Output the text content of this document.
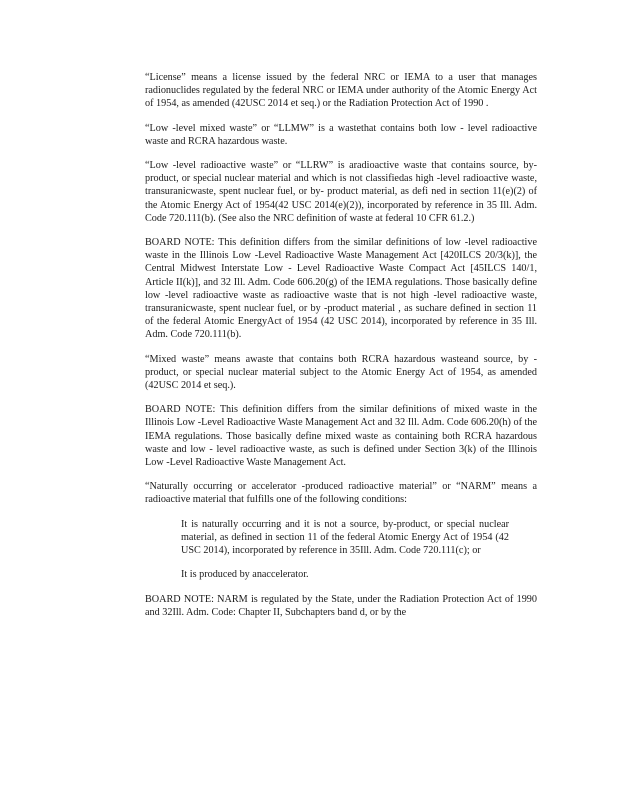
“License” means a license issued by the federal NRC or IEMA to a user that manages radionuclides regulated by the federal NRC or IEMA under authority of the Atomic Energy Act of 1954, as amended (42USC 2014 et seq.) or the Radiation Protection Act of 1990 .

“Low -level mixed waste” or “LLMW” is a wastethat contains both low - level radioactive waste and RCRA hazardous waste.

“Low -level radioactive waste” or “LLRW” is aradioactive waste that contains source, by-product, or special nuclear material and which is not classifiedas high -level radioactive waste, transuranicwaste, spent nuclear fuel, or by- product material, as defi ned in section 11(e)(2) of the Atomic Energy Act of 1954(42 USC 2014(e)(2)), incorporated by reference in 35 Ill. Adm. Code 720.111(b). (See also the NRC definition of waste at federal 10 CFR 61.2.)

BOARD NOTE: This definition differs from the similar definitions of low -level radioactive waste in the Illinois Low -Level Radioactive Waste Management Act [420ILCS 20/3(k)], the Central Midwest Interstate Low - Level Radioactive Waste Compact Act [45ILCS 140/1, Article II(k)], and 32 Ill. Adm. Code 606.20(g) of the IEMA regulations. Those basically define low -level radioactive waste as radioactive waste that is not high -level radioactive waste, transuranicwaste, spent nuclear fuel, or by -product material , as suchare defined in section 11 of the federal Atomic EnergyAct of 1954 (42 USC 2014), incorporated by reference in 35 Ill. Adm. Code 720.111(b).

“Mixed waste” means awaste that contains both RCRA hazardous wasteand source, by -product, or special nuclear material subject to the Atomic Energy Act of 1954, as amended (42USC 2014 et seq.).

BOARD NOTE: This definition differs from the similar definitions of mixed waste in the Illinois Low -Level Radioactive Waste Management Act and 32 Ill. Adm. Code 606.20(h) of the IEMA regulations. Those basically define mixed waste as containing both RCRA hazardous waste and low - level radioactive waste, as such is defined under Section 3(k) of the Illinois Low -Level Radioactive Waste Management Act.

“Naturally occurring or accelerator -produced radioactive material” or “NARM” means a radioactive material that fulfills one of the following conditions:

It is naturally occurring and it is not a source, by-product, or special nuclear material, as defined in section 11 of the federal Atomic Energy Act of 1954 (42 USC 2014), incorporated by reference in 35Ill. Adm. Code 720.111(c); or

It is produced by anaccelerator.

BOARD NOTE: NARM is regulated by the State, under the Radiation Protection Act of 1990 and 32Ill. Adm. Code: Chapter II, Subchapters band d, or by the
